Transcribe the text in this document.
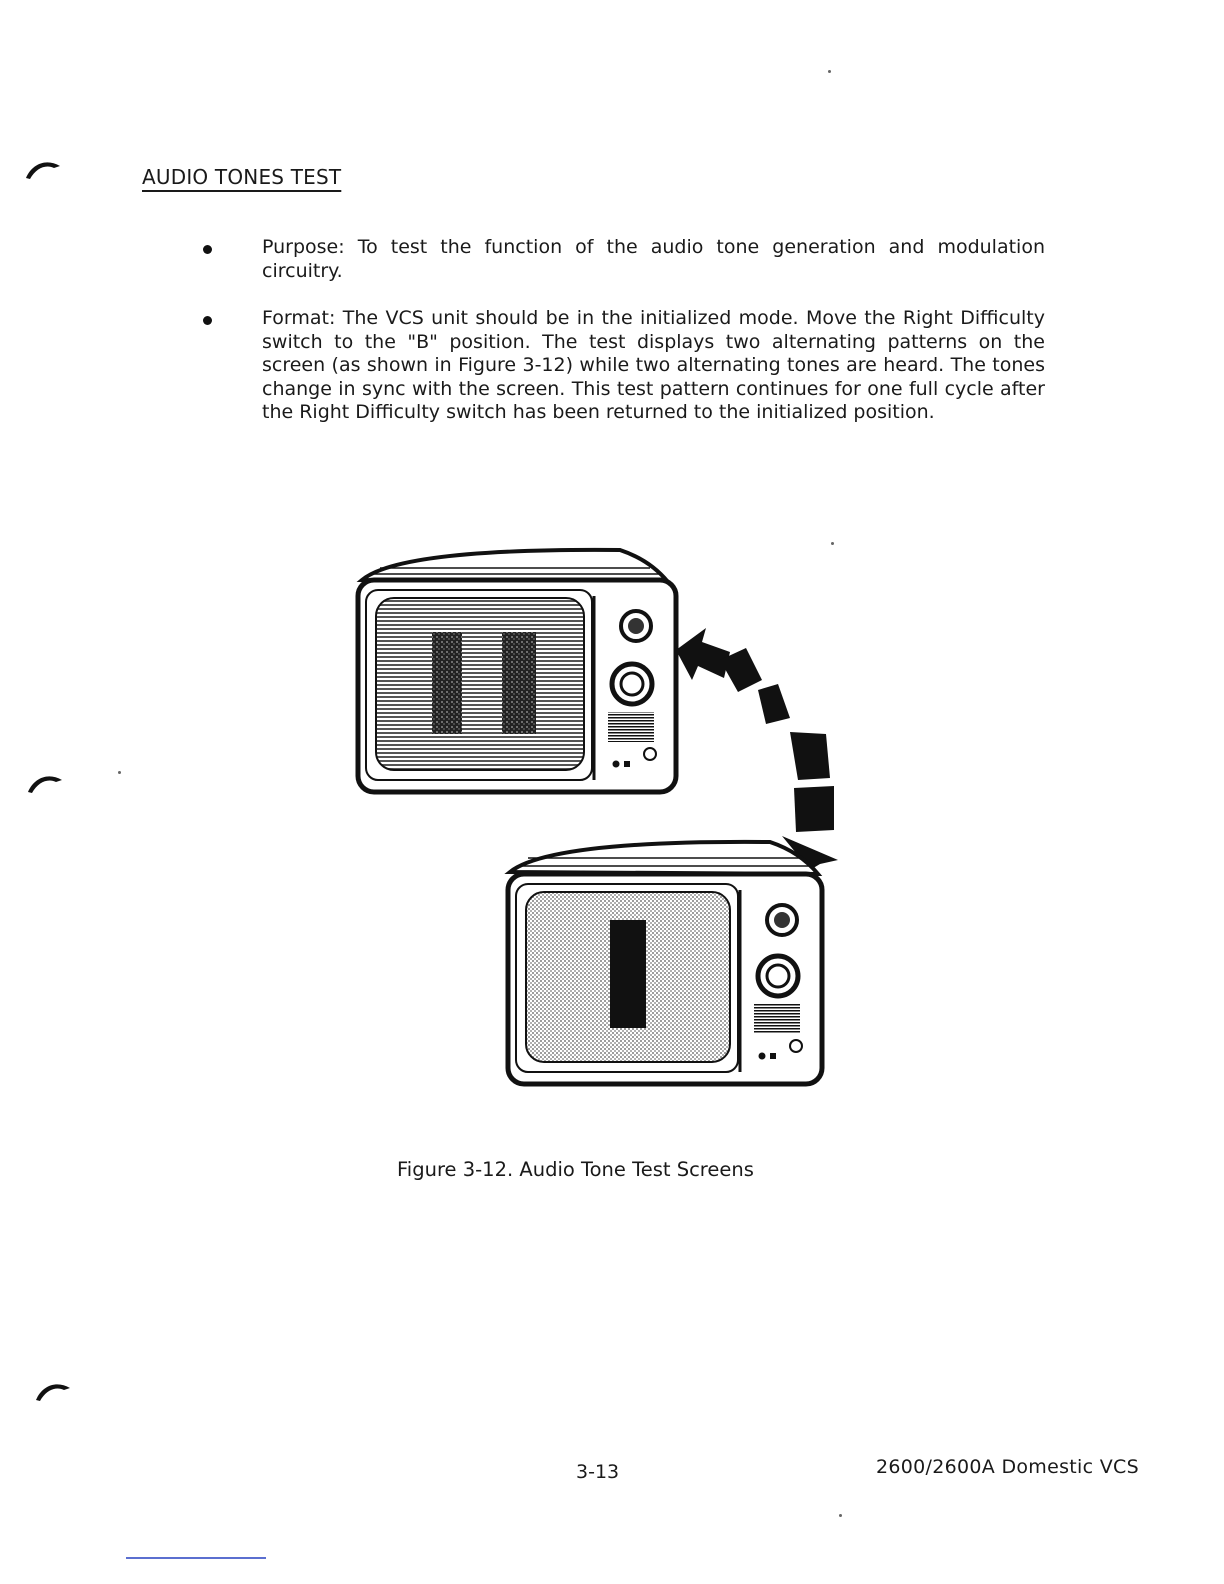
AUDIO TONES TEST
Purpose: To test the function of the audio tone generation and modulation circuitry.
Format: The VCS unit should be in the initialized mode. Move the Right Difficulty switch to the "B" position. The test displays two alternating patterns on the screen (as shown in Figure 3-12) while two alternating tones are heard. The tones change in sync with the screen. This test pattern continues for one full cycle after the Right Difficulty switch has been returned to the initialized position.
Figure 3-12. Audio Tone Test Screens
3-13	2600/2600A Domestic VCS
